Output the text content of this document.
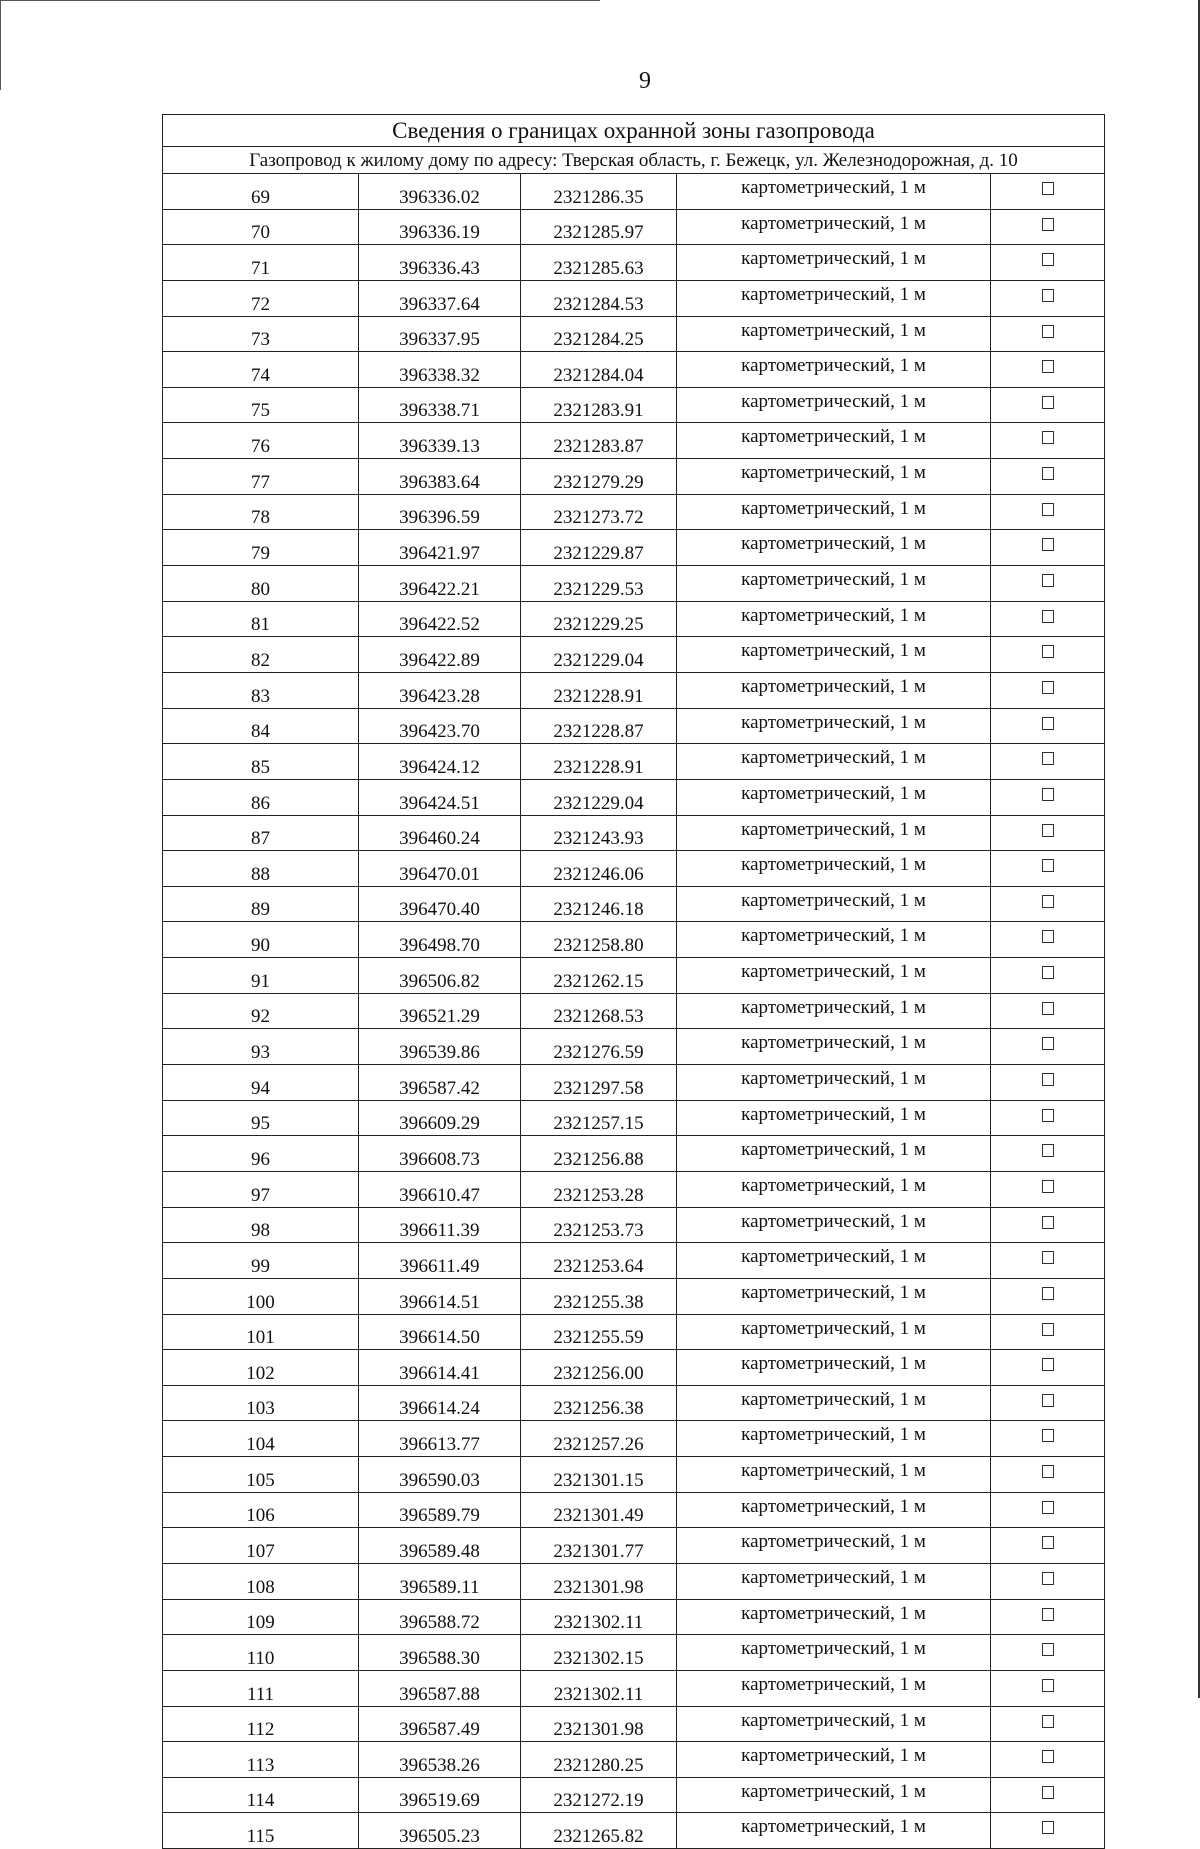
9
Сведения о границах охранной зоны газопровода				
Газопровод к жилому дому по адресу: Тверская область, г. Бежецк, ул. Железнодорожная, д. 10				
69	396336.02	2321286.35	картометрический, 1 м	
70	396336.19	2321285.97	картометрический, 1 м	
71	396336.43	2321285.63	картометрический, 1 м	
72	396337.64	2321284.53	картометрический, 1 м	
73	396337.95	2321284.25	картометрический, 1 м	
74	396338.32	2321284.04	картометрический, 1 м	
75	396338.71	2321283.91	картометрический, 1 м	
76	396339.13	2321283.87	картометрический, 1 м	
77	396383.64	2321279.29	картометрический, 1 м	
78	396396.59	2321273.72	картометрический, 1 м	
79	396421.97	2321229.87	картометрический, 1 м	
80	396422.21	2321229.53	картометрический, 1 м	
81	396422.52	2321229.25	картометрический, 1 м	
82	396422.89	2321229.04	картометрический, 1 м	
83	396423.28	2321228.91	картометрический, 1 м	
84	396423.70	2321228.87	картометрический, 1 м	
85	396424.12	2321228.91	картометрический, 1 м	
86	396424.51	2321229.04	картометрический, 1 м	
87	396460.24	2321243.93	картометрический, 1 м	
88	396470.01	2321246.06	картометрический, 1 м	
89	396470.40	2321246.18	картометрический, 1 м	
90	396498.70	2321258.80	картометрический, 1 м	
91	396506.82	2321262.15	картометрический, 1 м	
92	396521.29	2321268.53	картометрический, 1 м	
93	396539.86	2321276.59	картометрический, 1 м	
94	396587.42	2321297.58	картометрический, 1 м	
95	396609.29	2321257.15	картометрический, 1 м	
96	396608.73	2321256.88	картометрический, 1 м	
97	396610.47	2321253.28	картометрический, 1 м	
98	396611.39	2321253.73	картометрический, 1 м	
99	396611.49	2321253.64	картометрический, 1 м	
100	396614.51	2321255.38	картометрический, 1 м	
101	396614.50	2321255.59	картометрический, 1 м	
102	396614.41	2321256.00	картометрический, 1 м	
103	396614.24	2321256.38	картометрический, 1 м	
104	396613.77	2321257.26	картометрический, 1 м	
105	396590.03	2321301.15	картометрический, 1 м	
106	396589.79	2321301.49	картометрический, 1 м	
107	396589.48	2321301.77	картометрический, 1 м	
108	396589.11	2321301.98	картометрический, 1 м	
109	396588.72	2321302.11	картометрический, 1 м	
110	396588.30	2321302.15	картометрический, 1 м	
111	396587.88	2321302.11	картометрический, 1 м	
112	396587.49	2321301.98	картометрический, 1 м	
113	396538.26	2321280.25	картометрический, 1 м	
114	396519.69	2321272.19	картометрический, 1 м	
115	396505.23	2321265.82	картометрический, 1 м	
